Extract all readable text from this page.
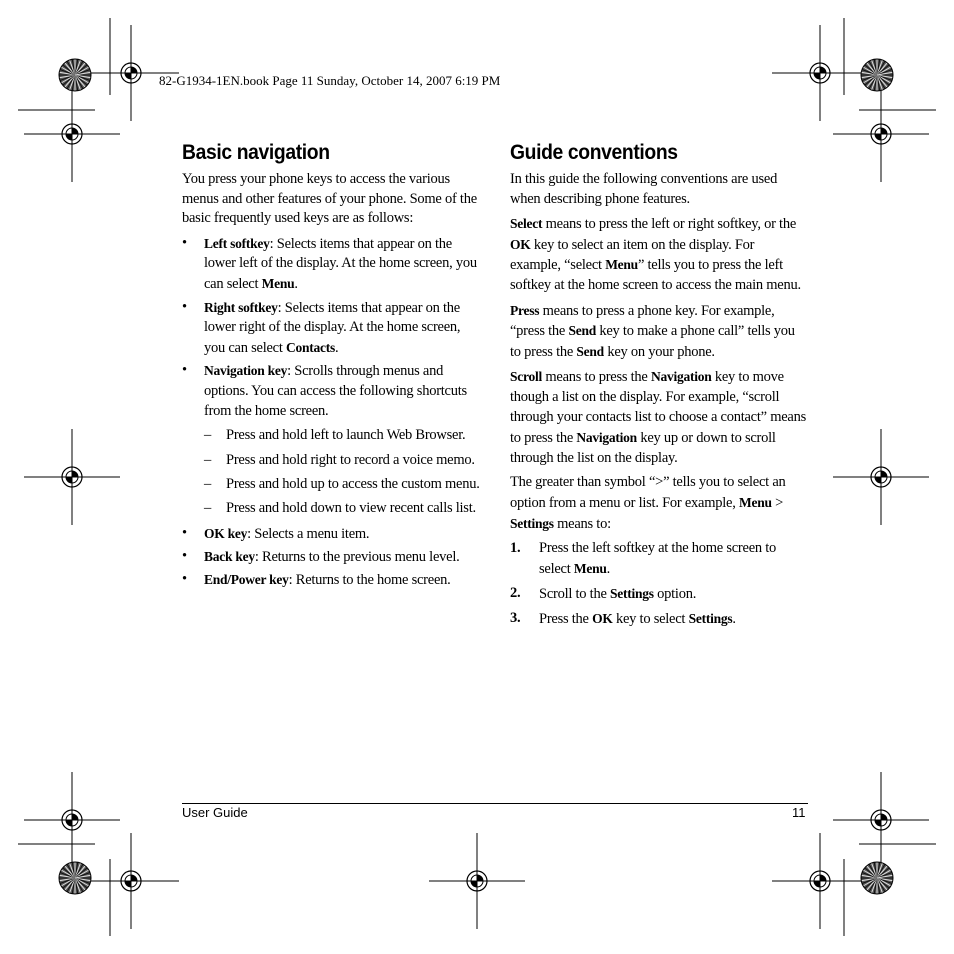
82-G1934-1EN.book Page 11 Sunday, October 14, 2007 6:19 PM
Basic navigation

You press your phone keys to access the various menus and other features of your phone. Some of the basic frequently used keys are as follows:

• Left softkey: Selects items that appear on the lower left of the display. At the home screen, you can select Menu.
• Right softkey: Selects items that appear on the lower right of the display. At the home screen, you can select Contacts.
• Navigation key: Scrolls through menus and options. You can access the following shortcuts from the home screen.
– Press and hold left to launch Web Browser.
– Press and hold right to record a voice memo.
– Press and hold up to access the custom menu.
– Press and hold down to view recent calls list.
• OK key: Selects a menu item.
• Back key: Returns to the previous menu level.
• End/Power key: Returns to the home screen.
Guide conventions

In this guide the following conventions are used when describing phone features.

Select means to press the left or right softkey, or the OK key to select an item on the display. For example, “select Menu” tells you to press the left softkey at the home screen to access the main menu.

Press means to press a phone key. For example, “press the Send key to make a phone call” tells you to press the Send key on your phone.

Scroll means to press the Navigation key to move though a list on the display. For example, “scroll through your contacts list to choose a contact” means to press the Navigation key up or down to scroll through the list on the display.

The greater than symbol “>” tells you to select an option from a menu or list. For example, Menu > Settings means to:

1. Press the left softkey at the home screen to select Menu.
2. Scroll to the Settings option.
3. Press the OK key to select Settings.
User Guide	11
